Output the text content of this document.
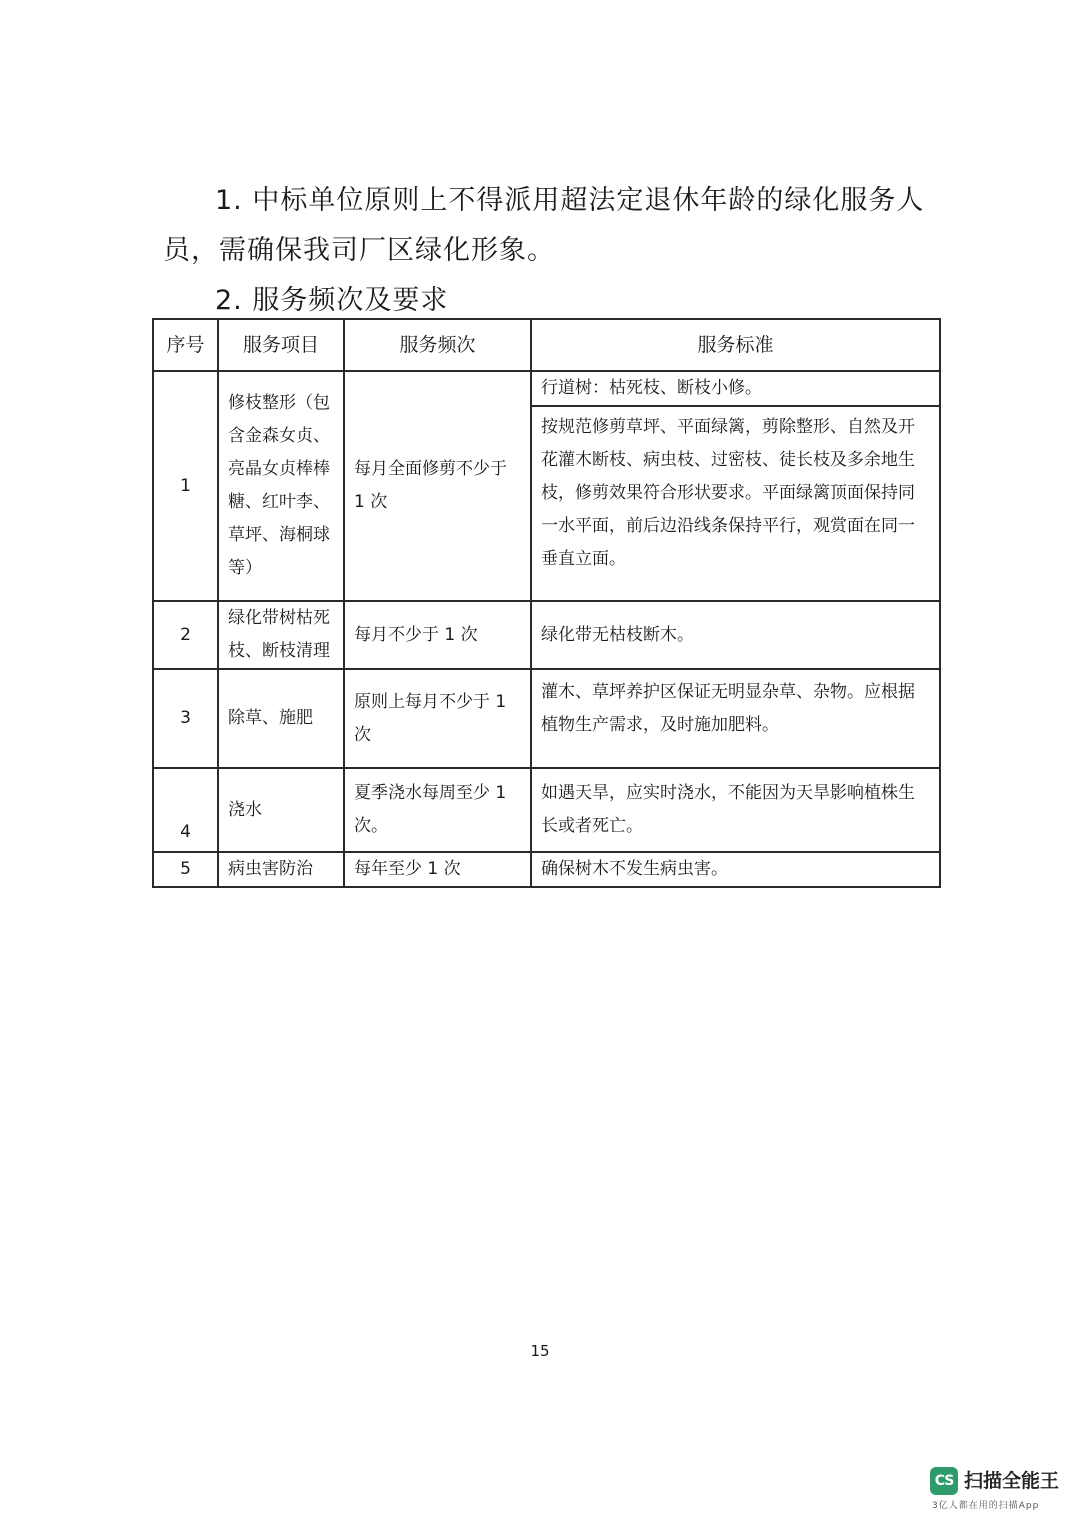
1. 中标单位原则上不得派用超法定退休年龄的绿化服务人员，需确保我司厂区绿化形象。
2. 服务频次及要求
序号	服务项目	服务频次	服务标准
1	修枝整形（包含金森女贞、亮晶女贞棒棒糖、红叶李、草坪、海桐球等）	每月全面修剪不少于 1 次	行道树：枯死枝、断枝小修。
按规范修剪草坪、平面绿篱，剪除整形、自然及开花灌木断枝、病虫枝、过密枝、徒长枝及多余地生枝，修剪效果符合形状要求。平面绿篱顶面保持同一水平面，前后边沿线条保持平行，观赏面在同一垂直立面。

2	绿化带树枯死枝、断枝清理	每月不少于 1 次	绿化带无枯枝断木。
3	除草、施肥	原则上每月不少于 1 次	灌木、草坪养护区保证无明显杂草、杂物。应根据植物生产需求，及时施加肥料。
4	浇水	夏季浇水每周至少 1 次。	如遇天旱，应实时浇水，不能因为天旱影响植株生长或者死亡。
5	病虫害防治	每年至少 1 次	确保树木不发生病虫害。
15
CS 扫描全能王
3亿人都在用的扫描App
